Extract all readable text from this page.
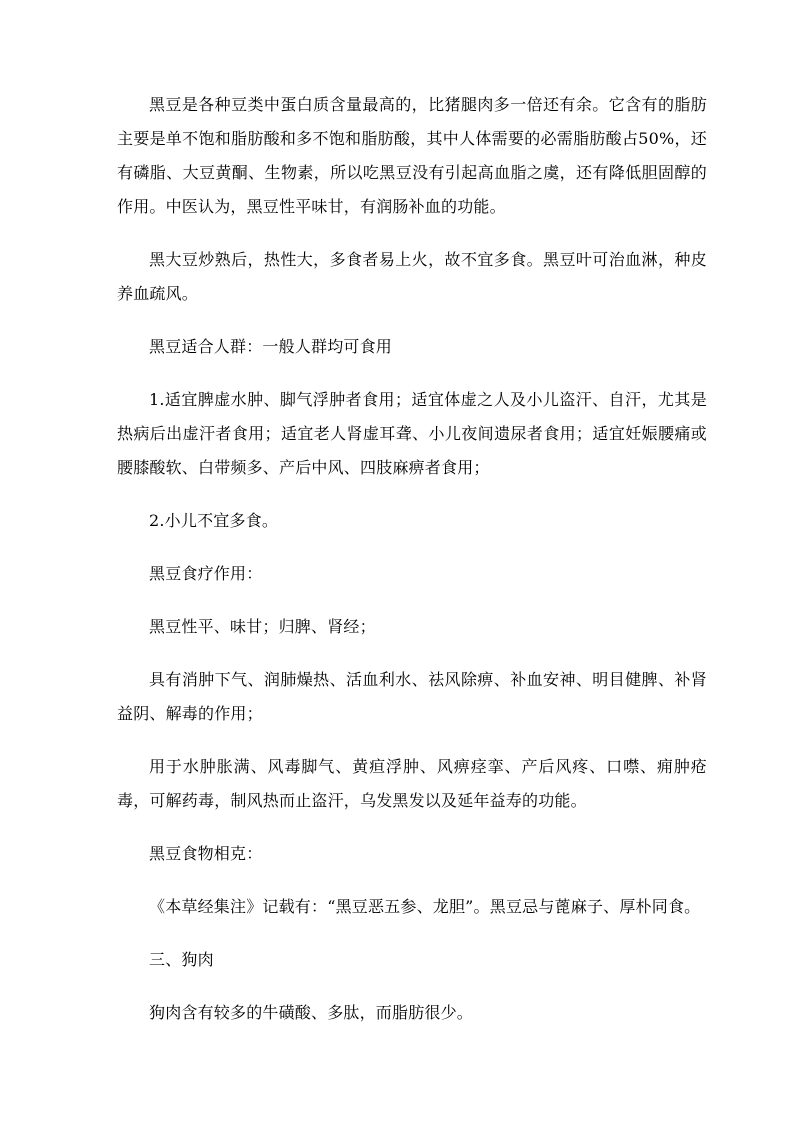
黑豆是各种豆类中蛋白质含量最高的，比猪腿肉多一倍还有余。它含有的脂肪主要是单不饱和脂肪酸和多不饱和脂肪酸，其中人体需要的必需脂肪酸占50%，还有磷脂、大豆黄酮、生物素，所以吃黑豆没有引起高血脂之虞，还有降低胆固醇的作用。中医认为，黑豆性平味甘，有润肠补血的功能。

黑大豆炒熟后，热性大，多食者易上火，故不宜多食。黑豆叶可治血淋，种皮养血疏风。

黑豆适合人群：一般人群均可食用

1.适宜脾虚水肿、脚气浮肿者食用；适宜体虚之人及小儿盗汗、自汗，尤其是热病后出虚汗者食用；适宜老人肾虚耳聋、小儿夜间遗尿者食用；适宜妊娠腰痛或腰膝酸软、白带频多、产后中风、四肢麻痹者食用；

2.小儿不宜多食。

黑豆食疗作用：

黑豆性平、味甘；归脾、肾经；

具有消肿下气、润肺燥热、活血利水、祛风除痹、补血安神、明目健脾、补肾益阴、解毒的作用；

用于水肿胀满、风毒脚气、黄疸浮肿、风痹痉挛、产后风疼、口噤、痈肿疮毒，可解药毒，制风热而止盗汗，乌发黑发以及延年益寿的功能。

黑豆食物相克：

《本草经集注》记载有：“黑豆恶五参、龙胆”。黑豆忌与蓖麻子、厚朴同食。

三、狗肉

狗肉含有较多的牛磺酸、多肽，而脂肪很少。
